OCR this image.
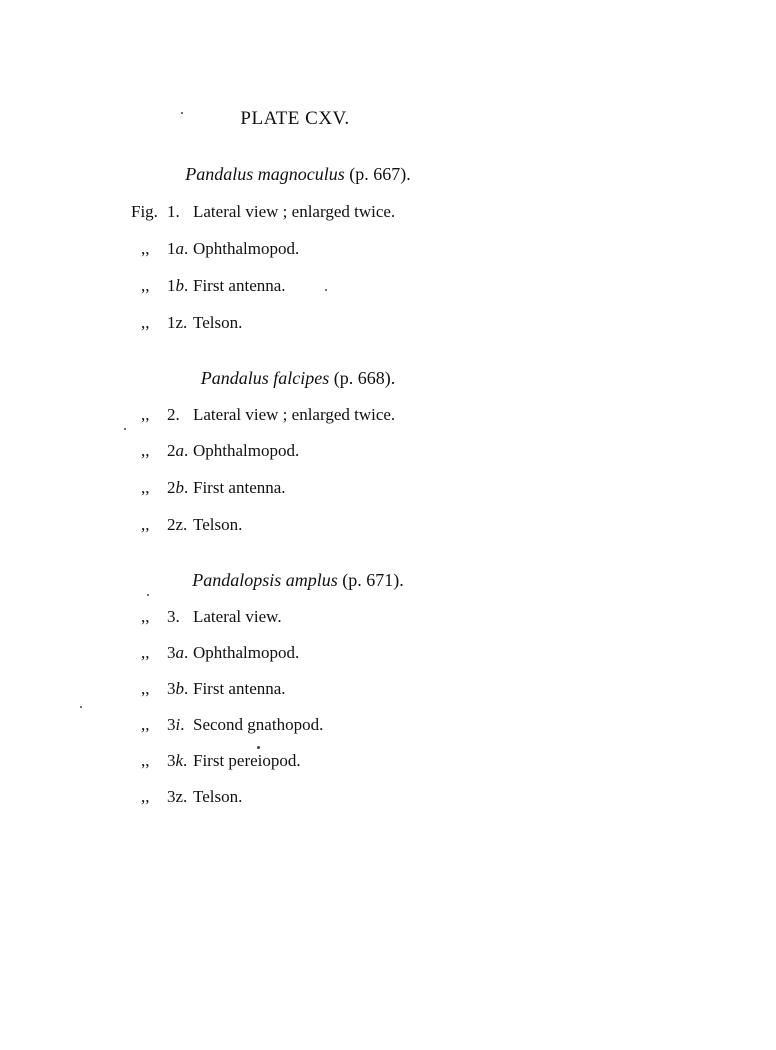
PLATE CXV.
Pandalus magnoculus (p. 667).
Fig. 1. Lateral view ; enlarged twice.
,, 1a. Ophthalmopod.
,, 1b. First antenna.
,, 1z. Telson.
Pandalus falcipes (p. 668).
,, 2. Lateral view ; enlarged twice.
,, 2a. Ophthalmopod.
,, 2b. First antenna.
,, 2z. Telson.
Pandalopsis amplus (p. 671).
,, 3. Lateral view.
,, 3a. Ophthalmopod.
,, 3b. First antenna.
,, 3i. Second gnathopod.
,, 3k. First pereiopod.
,, 3z. Telson.
